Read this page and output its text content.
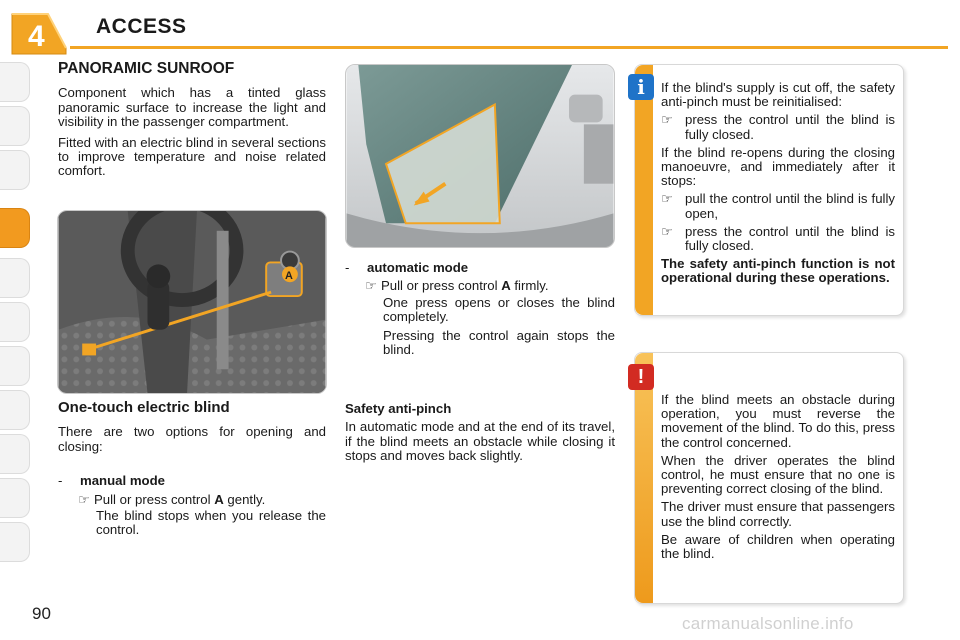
4 ACCESS
PANORAMIC SUNROOF

Component which has a tinted glass panoramic surface to increase the light and visibility in the passenger compartment.

Fitted with an electric blind in several sections to improve temperature and noise related comfort.

A
One-touch electric blind

There are two options for opening and closing:

- manual mode
☞ Pull or press control A gently.
The blind stops when you release the control.
- automatic mode
☞ Pull or press control A firmly.
One press opens or closes the blind completely.
Pressing the control again stops the blind.
Safety anti-pinch

In automatic mode and at the end of its travel, if the blind meets an obstacle while closing it stops and moves back slightly.

If the blind's supply is cut off, the safety anti-pinch must be reinitialised:

☞ press the control until the blind is fully closed.

If the blind re-opens during the closing manoeuvre, and immediately after it stops:

☞ pull the control until the blind is fully open,
☞ press the control until the blind is fully closed.

The safety anti-pinch function is not operational during these operations.

i

If the blind meets an obstacle during operation, you must reverse the movement of the blind. To do this, press the control concerned.

When the driver operates the blind control, he must ensure that no one is preventing correct closing of the blind.

The driver must ensure that passengers use the blind correctly.

Be aware of children when operating the blind.

!
90
carmanualsonline.info
